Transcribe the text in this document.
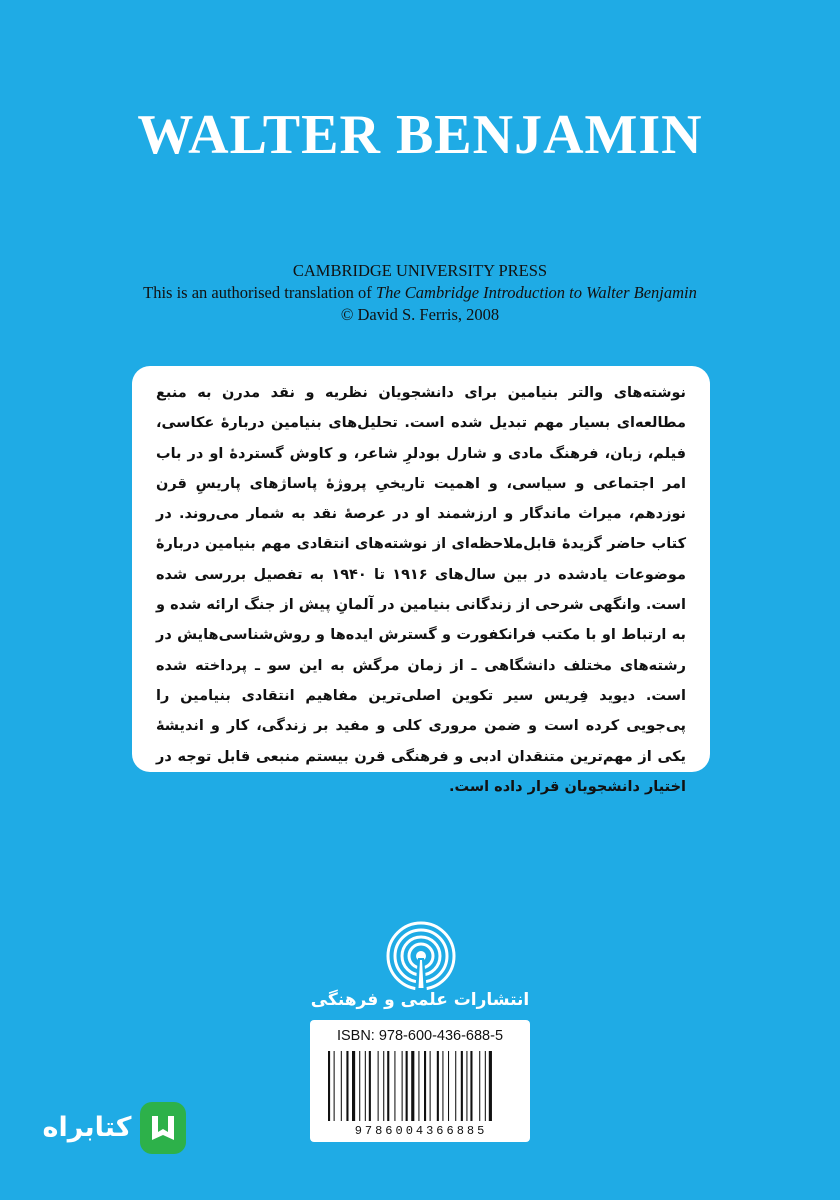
WALTER BENJAMIN
CAMBRIDGE UNIVERSITY PRESS
This is an authorised translation of The Cambridge Introduction to Walter Benjamin
© David S. Ferris, 2008

نوشته‌های والتر بنیامین برای دانشجویان نظریه و نقد مدرن به منبع مطالعه‌ای بسیار مهم تبدیل شده است. تحلیل‌های بنیامین دربارهٔ عکاسی، فیلم، زبان، فرهنگ مادی و شارل بودلرِ شاعر، و کاوش گستردهٔ او در باب امر اجتماعی و سیاسی، و اهمیت تاریخیِ پروژهٔ پاساژهای پاریسِ قرن نوزدهم، میراث ماندگار و ارزشمند او در عرصهٔ نقد به شمار می‌روند. در کتاب حاضر گزیدهٔ قابل‌ملاحظه‌ای از نوشته‌های انتقادی مهم بنیامین دربارهٔ موضوعات یادشده در بین سال‌های ۱۹۱۶ تا ۱۹۴۰ به تفصیل بررسی شده است. وانگهی شرحی از زندگانی بنیامین در آلمانِ پیش از جنگ ارائه شده و به ارتباط او با مکتب فرانکفورت و گسترش ایده‌ها و روش‌شناسی‌هایش در رشته‌های مختلف دانشگاهی ـ از زمان مرگش به این سو ـ پرداخته شده است. دیوید فِریس سیر تکوین اصلی‌ترین مفاهیم انتقادی بنیامین را پی‌جویی کرده است و ضمن مروری کلی و مفید بر زندگی، کار و اندیشهٔ یکی از مهم‌ترین متنقدان ادبی و فرهنگی قرن بیستم منبعی قابل توجه در اختیار دانشجویان قرار داده است.

انتشارات علمی و فرهنگی
ISBN: 978-600-436-688-5
9786004366885
کتابراه
